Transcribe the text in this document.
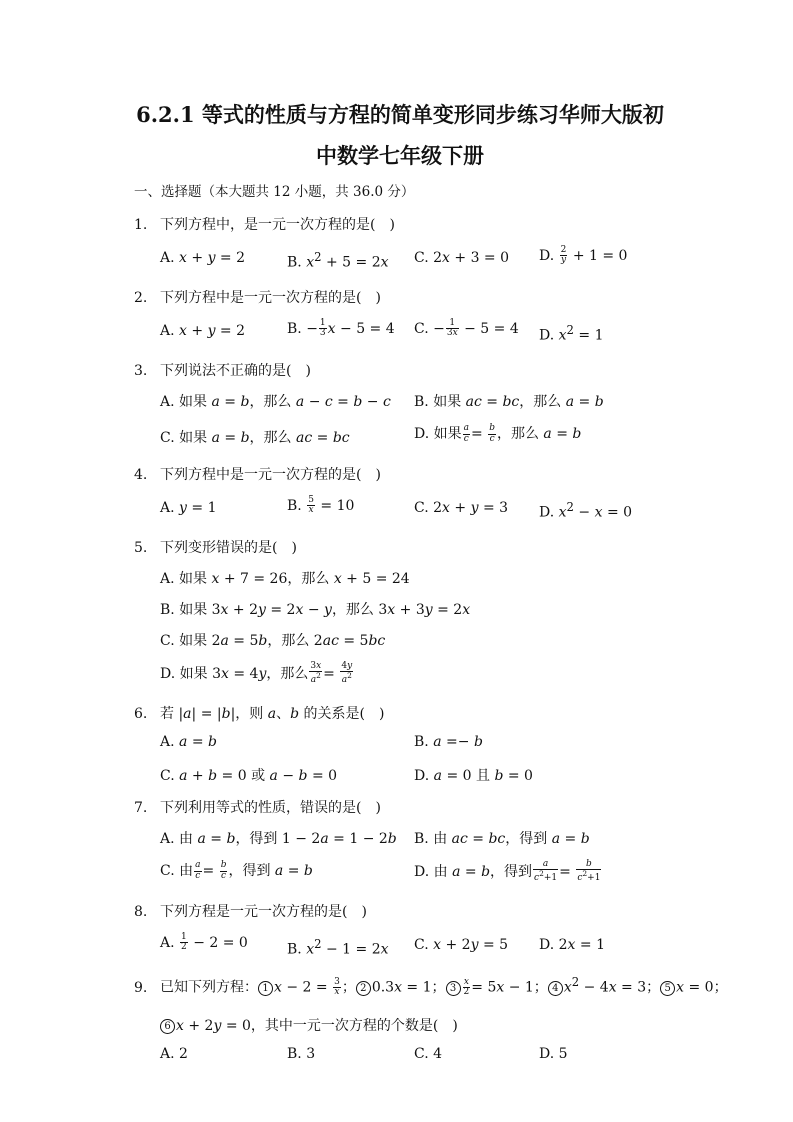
6.2.1 等式的性质与方程的简单变形同步练习华师大版初
中数学七年级下册
一、选择题（本大题共 12 小题，共 36.0 分）
1. 下列方程中，是一元一次方程的是(　)
A. x + y = 2	B. $x^2 + 5 = 2x$ C. 2x + 3 = 0 D. $\frac{2}{y} + 1 = 0$
2. 下列方程中是一元一次方程的是(　)
A. x + y = 2	B. − $\frac{1}{3}$ x − 5 = 4 C. − $\frac{1}{3x} - 5 = 4$ D. $x^2 = 1$
3. 下列说法不正确的是(　)
A. 如果 a = b，那么 a − c = b − c B. 如果 ac = bc，那么 a = b
C. 如果 a = b，那么 ac = bc	D. 如果 $\frac{a}{c} = \frac{b}{c}$ ，那么 a = b
4. 下列方程中是一元一次方程的是(　)
A. y = 1	B. $\frac{5}{x} = 10$	C. 2x + y = 3 D. $x^2 - x = 0$
5. 下列变形错误的是(　)
A. 如果 x + 7 = 26，那么 x + 5 = 24
B. 如果 3x + 2y = 2x − y，那么 3x + 3y = 2x
C. 如果 2a = 5b，那么 2ac = 5bc
D. 如果 3x = 4y，那么 $\frac{3x}{a^2} = \frac{4y}{a^2}$
6. 若 |a| = |b|，则 a、b 的关系是(　)
A. a = b	B. a =− b
C. a + b = 0 或 a − b = 0	D. a = 0 且 b = 0
7. 下列利用等式的性质，错误的是(　)
A. 由 a = b，得到 1 − 2a = 1 − 2b B. 由 ac = bc，得到 a = b
C. 由 $\frac{a}{c} = \frac{b}{c}$ ，得到 a = b	D. 由 a = b，得到 $\frac{a}{c^2+1} = \frac{b}{c^2+1}$
8. 下列方程是一元一次方程的是(　)
A. $\frac{1}{2} - 2 = 0$	B. $x^2 - 1 = 2x$ C. x + 2y = 5 D. 2x = 1
9. 已知下列方程： 1 $x - 2 = \frac{3}{x}$ ； 2 0.3x = 1； $3 \frac{x}{2} = 5x - 1$； 4 $x^2 - 4x = 3$； 5 x = 0；
6 x + 2y = 0，其中一元一次方程的个数是(　)
A. 2	B. 3	C. 4	D. 5
